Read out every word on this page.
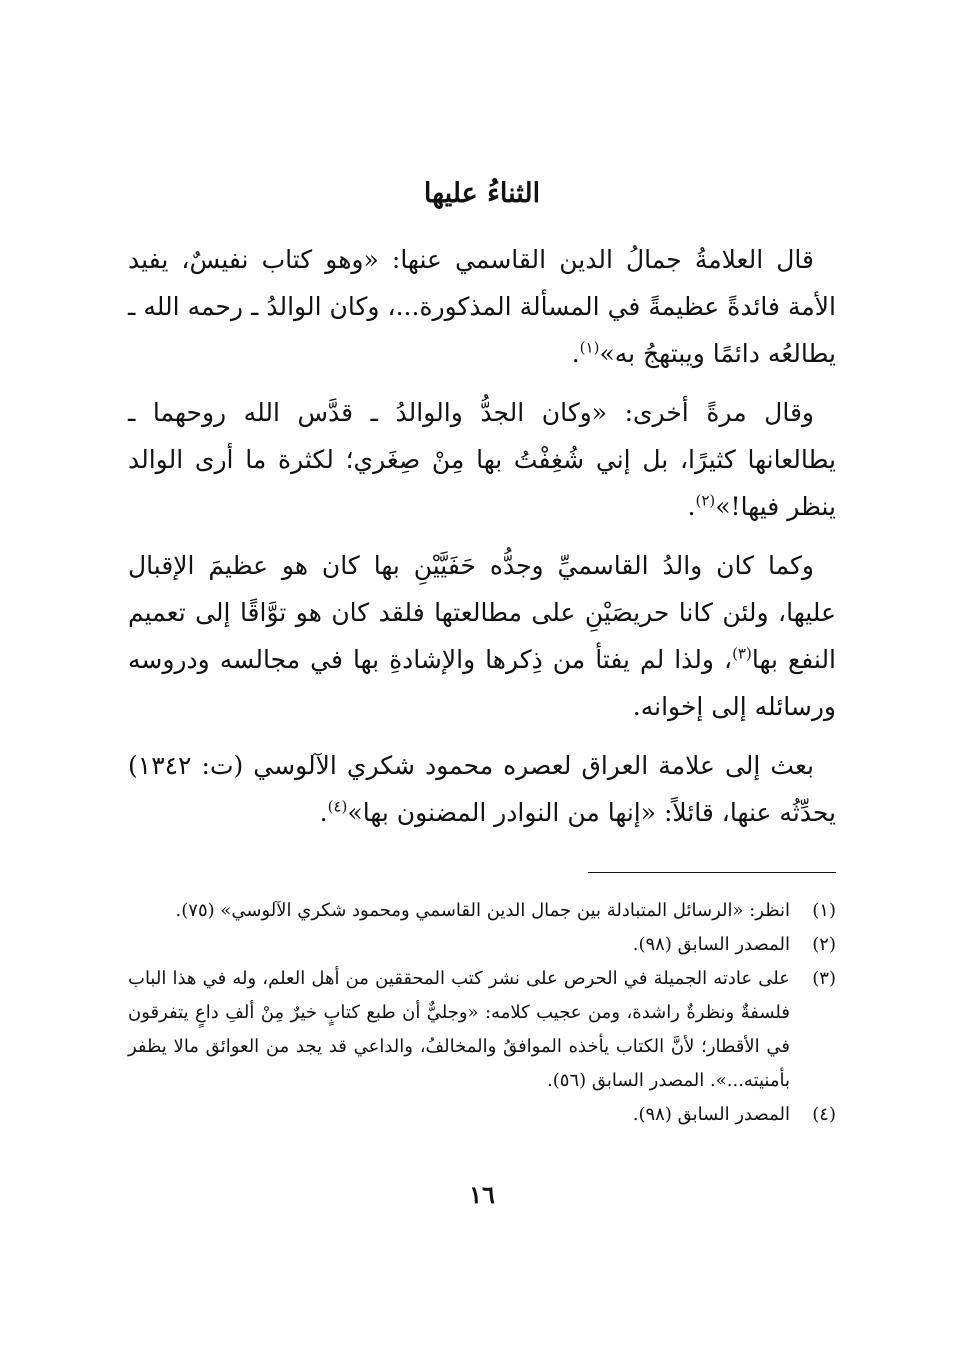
الثناءُ عليها

قال العلامةُ جمالُ الدين القاسمي عنها: «وهو كتاب نفيسٌ، يفيد الأمة فائدةً عظيمةً في المسألة المذكورة...، وكان الوالدُ ـ رحمه الله ـ يطالعُه دائمًا ويبتهجُ به»$^{(١)}$.

وقال مرةً أخرى: «وكان الجدُّ والوالدُ ـ قدَّس الله روحهما ـ يطالعانها كثيرًا، بل إني شُغِفْتُ بها مِنْ صِغَري؛ لكثرة ما أرى الوالد ينظر فيها!»$^{(٢)}$.

وكما كان والدُ القاسميِّ وجدُّه حَفَيَّيْنِ بها كان هو عظيمَ الإقبال عليها، ولئن كانا حريصَيْنِ على مطالعتها فلقد كان هو توَّاقًا إلى تعميم النفع بها$^{(٣)}$، ولذا لم يفتأ من ذِكرها والإشادةِ بها في مجالسه ودروسه ورسائله إلى إخوانه.

بعث إلى علامة العراق لعصره محمود شكري الآلوسي (ت: ١٣٤٢) يحدِّثُه عنها، قائلاً: «إنها من النوادر المضنون بها»$^{(٤)}$.

(١)
انظر: «الرسائل المتبادلة بين جمال الدين القاسمي ومحمود شكري الآلوسي» (٧٥).
(٢)
المصدر السابق (٩٨).
(٣)
على عادته الجميلة في الحرص على نشر كتب المحققين من أهل العلم، وله في هذا الباب فلسفةٌ ونظرةٌ راشدة، ومن عجيب كلامه: «وجليٌّ أن طبع كتابٍ خيرٌ مِنْ ألفِ داعٍ يتفرقون في الأقطار؛ لأنَّ الكتاب يأخذه الموافقُ والمخالفُ، والداعي قد يجد من العوائق مالا يظفر بأمنيته...». المصدر السابق (٥٦).
(٤)
المصدر السابق (٩٨).
١٦
